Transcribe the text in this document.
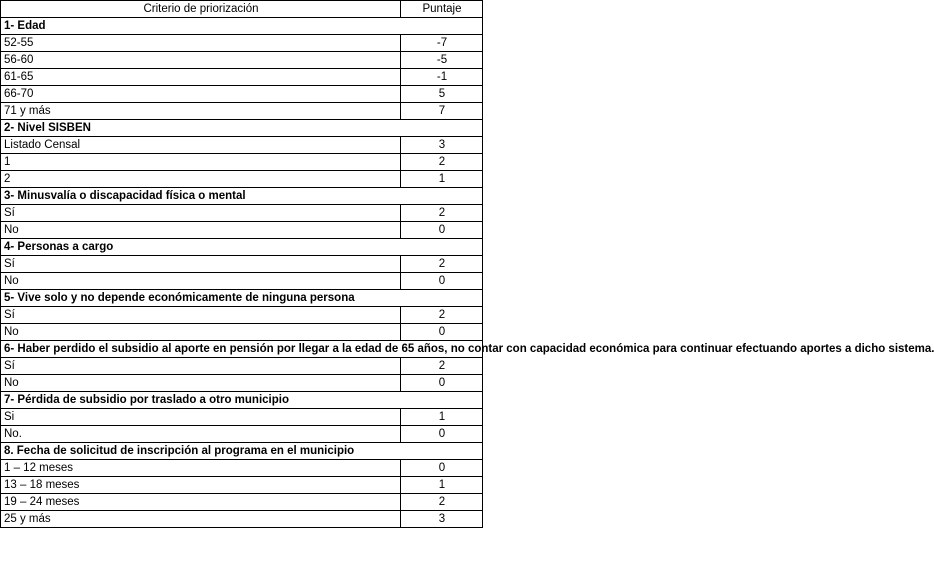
Criterio de priorización	Puntaje
1- Edad	
52-55	-7
56-60	-5
61-65	-1
66-70	5
71 y más	7
2- Nivel SISBEN	
Listado Censal	3
1	2
2	1
3- Minusvalía o discapacidad física o mental	
Sí	2
No	0
4- Personas a cargo	
Sí	2
No	0
5- Vive solo y no depende económicamente de ninguna persona	
Sí	2
No	0
6- Haber perdido el subsidio al aporte en pensión por llegar a la edad de 65 años, no contar con capacidad económica para continuar efectuando aportes a dicho sistema.	
Sí	2
No	0
7- Pérdida de subsidio por traslado a otro municipio	
Si	1
No.	0
8. Fecha de solicitud de inscripción al programa en el municipio	
1 – 12 meses	0
13 – 18 meses	1
19 – 24 meses	2
25 y más	3
